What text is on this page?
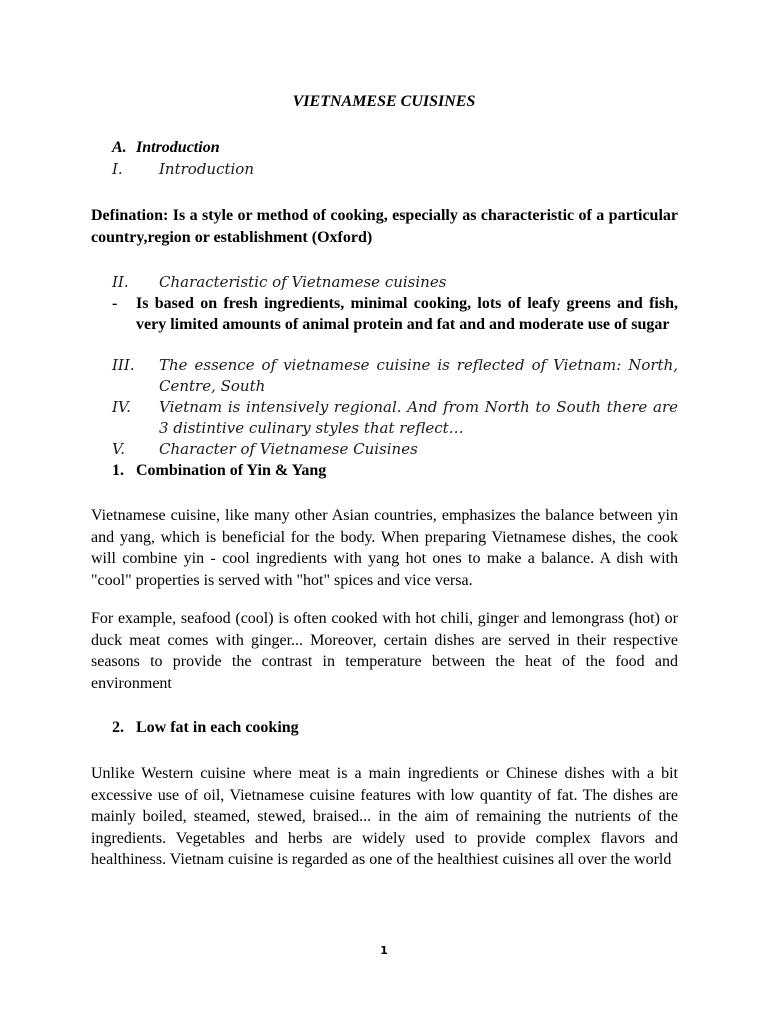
VIETNAMESE CUISINES
A. Introduction
I. Introduction
Defination: Is a style or method of cooking, especially as characteristic of a particular country,region or establishment (Oxford)
II. Characteristic of Vietnamese cuisines
- Is based on fresh ingredients, minimal cooking, lots of leafy greens and fish, very limited amounts of animal protein and fat and and moderate use of sugar
III. The essence of vietnamese cuisine is reflected of Vietnam: North, Centre, South
IV. Vietnam is intensively regional. And from North to South there are 3 distintive culinary styles that reflect…
V. Character of Vietnamese Cuisines
1. Combination of Yin & Yang
Vietnamese cuisine, like many other Asian countries, emphasizes the balance between yin and yang, which is beneficial for the body. When preparing Vietnamese dishes, the cook will combine yin - cool ingredients with yang hot ones to make a balance. A dish with "cool" properties is served with "hot" spices and vice versa.
For example, seafood (cool) is often cooked with hot chili, ginger and lemongrass (hot) or duck meat comes with ginger... Moreover, certain dishes are served in their respective seasons to provide the contrast in temperature between the heat of the food and environment
2. Low fat in each cooking
Unlike Western cuisine where meat is a main ingredients or Chinese dishes with a bit excessive use of oil, Vietnamese cuisine features with low quantity of fat. The dishes are mainly boiled, steamed, stewed, braised... in the aim of remaining the nutrients of the ingredients. Vegetables and herbs are widely used to provide complex flavors and healthiness. Vietnam cuisine is regarded as one of the healthiest cuisines all over the world
1
